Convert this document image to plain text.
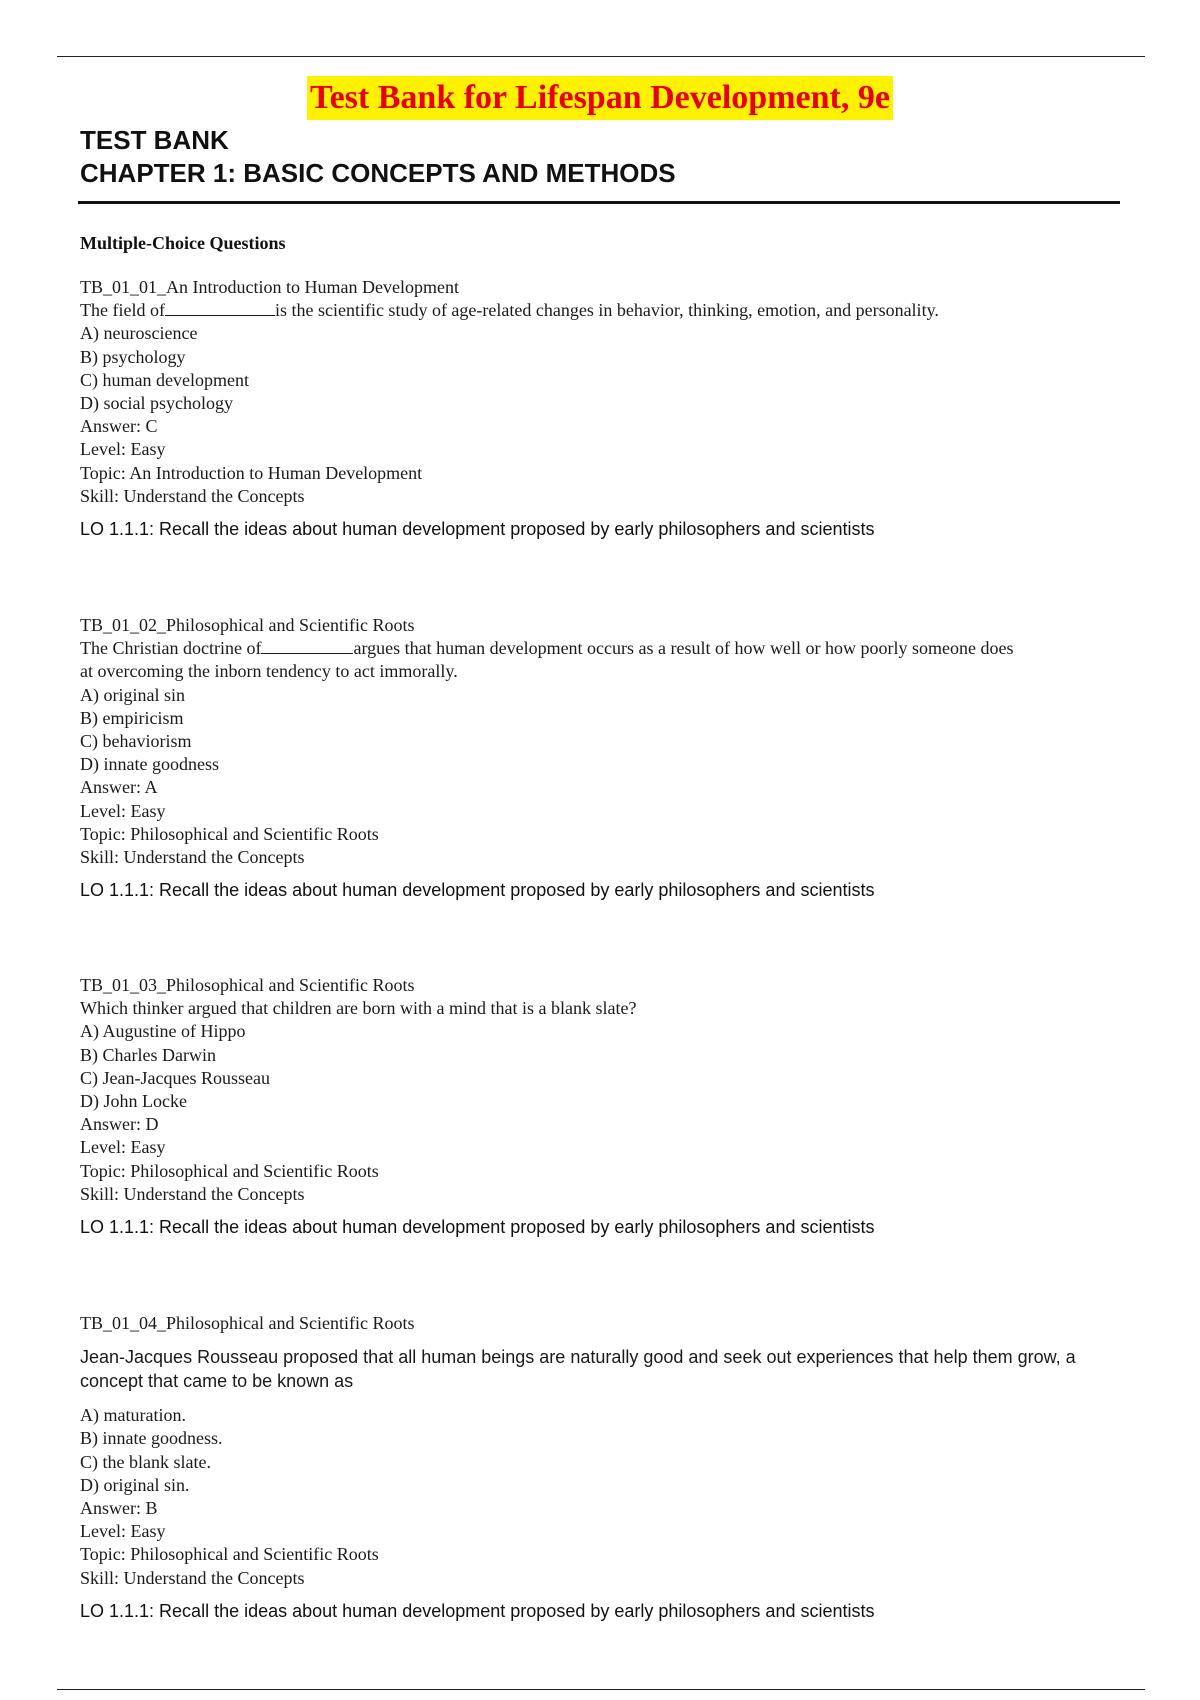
Test Bank for Lifespan Development, 9e
TEST BANK
CHAPTER 1: BASIC CONCEPTS AND METHODS
Multiple-Choice Questions
TB_01_01_An Introduction to Human Development
The field of	is the scientific study of age-related changes in behavior, thinking, emotion, and personality.
A) neuroscience
B) psychology
C) human development
D) social psychology
Answer: C
Level: Easy
Topic: An Introduction to Human Development
Skill: Understand the Concepts
LO 1.1.1: Recall the ideas about human development proposed by early philosophers and scientists
TB_01_02_Philosophical and Scientific Roots
The Christian doctrine of	argues that human development occurs as a result of how well or how poorly someone does
at overcoming the inborn tendency to act immorally.
A) original sin
B) empiricism
C) behaviorism
D) innate goodness
Answer: A
Level: Easy
Topic: Philosophical and Scientific Roots
Skill: Understand the Concepts
LO 1.1.1: Recall the ideas about human development proposed by early philosophers and scientists
TB_01_03_Philosophical and Scientific Roots
Which thinker argued that children are born with a mind that is a blank slate?
A) Augustine of Hippo
B) Charles Darwin
C) Jean-Jacques Rousseau
D) John Locke
Answer: D
Level: Easy
Topic: Philosophical and Scientific Roots
Skill: Understand the Concepts
LO 1.1.1: Recall the ideas about human development proposed by early philosophers and scientists
TB_01_04_Philosophical and Scientific Roots
Jean-Jacques Rousseau proposed that all human beings are naturally good and seek out experiences that help them grow, a concept that came to be known as
A) maturation.
B) innate goodness.
C) the blank slate.
D) original sin.
Answer: B
Level: Easy
Topic: Philosophical and Scientific Roots
Skill: Understand the Concepts
LO 1.1.1: Recall the ideas about human development proposed by early philosophers and scientists
